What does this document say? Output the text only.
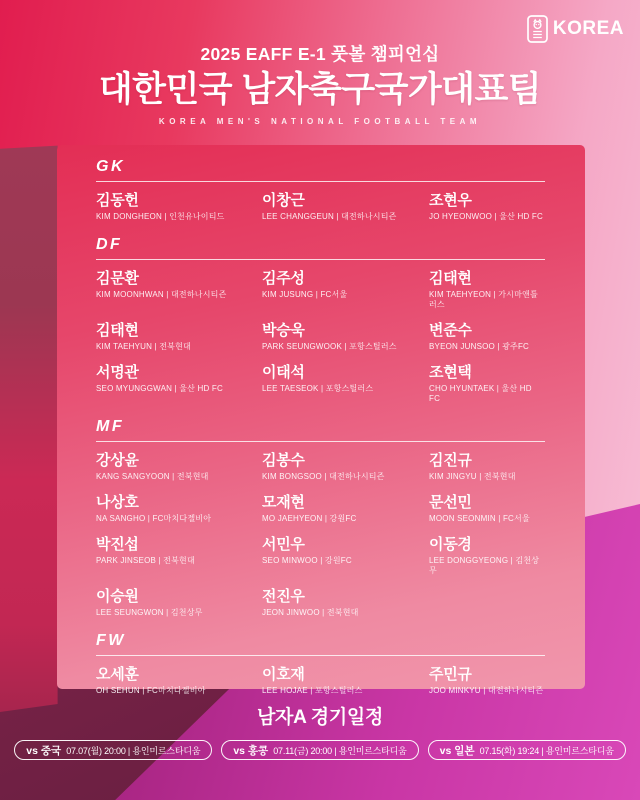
KOREA
2025 EAFF E-1 풋볼 챔피언십
대한민국 남자축구국가대표팀
KOREA MEN'S NATIONAL FOOTBALL TEAM
GK
김동헌
KIM DONGHEON | 인천유나이티드
이창근
LEE CHANGGEUN | 대전하나시티즌
조현우
JO HYEONWOO | 울산 HD FC
DF
김문환
KIM MOONHWAN | 대전하나시티즌
김주성
KIM JUSUNG | FC서울
김태현
KIM TAEHYEON | 가시마앤틀러스
김태현
KIM TAEHYUN | 전북현대
박승욱
PARK SEUNGWOOK | 포항스틸러스
변준수
BYEON JUNSOO | 광주FC
서명관
SEO MYUNGGWAN | 울산 HD FC
이태석
LEE TAESEOK | 포항스틸러스
조현택
CHO HYUNTAEK | 울산 HD FC
MF
강상윤
KANG SANGYOON | 전북현대
김봉수
KIM BONGSOO | 대전하나시티즌
김진규
KIM JINGYU | 전북현대
나상호
NA SANGHO | FC마치다젤비아
모재현
MO JAEHYEON | 강원FC
문선민
MOON SEONMIN | FC서울
박진섭
PARK JINSEOB | 전북현대
서민우
SEO MINWOO | 강원FC
이동경
LEE DONGGYEONG | 김천상무
이승원
LEE SEUNGWON | 김천상무
전진우
JEON JINWOO | 전북현대
FW
오세훈
OH SEHUN | FC마치다젤비아
이호재
LEE HOJAE | 포항스틸러스
주민규
JOO MINKYU | 대전하나시티즌
남자A 경기일정
vs 중국 07.07(월) 20:00 | 용인미르스타디움	vs 홍콩 07.11(금) 20:00 | 용인미르스타디움	vs 일본 07.15(화) 19:24 | 용인미르스타디움
